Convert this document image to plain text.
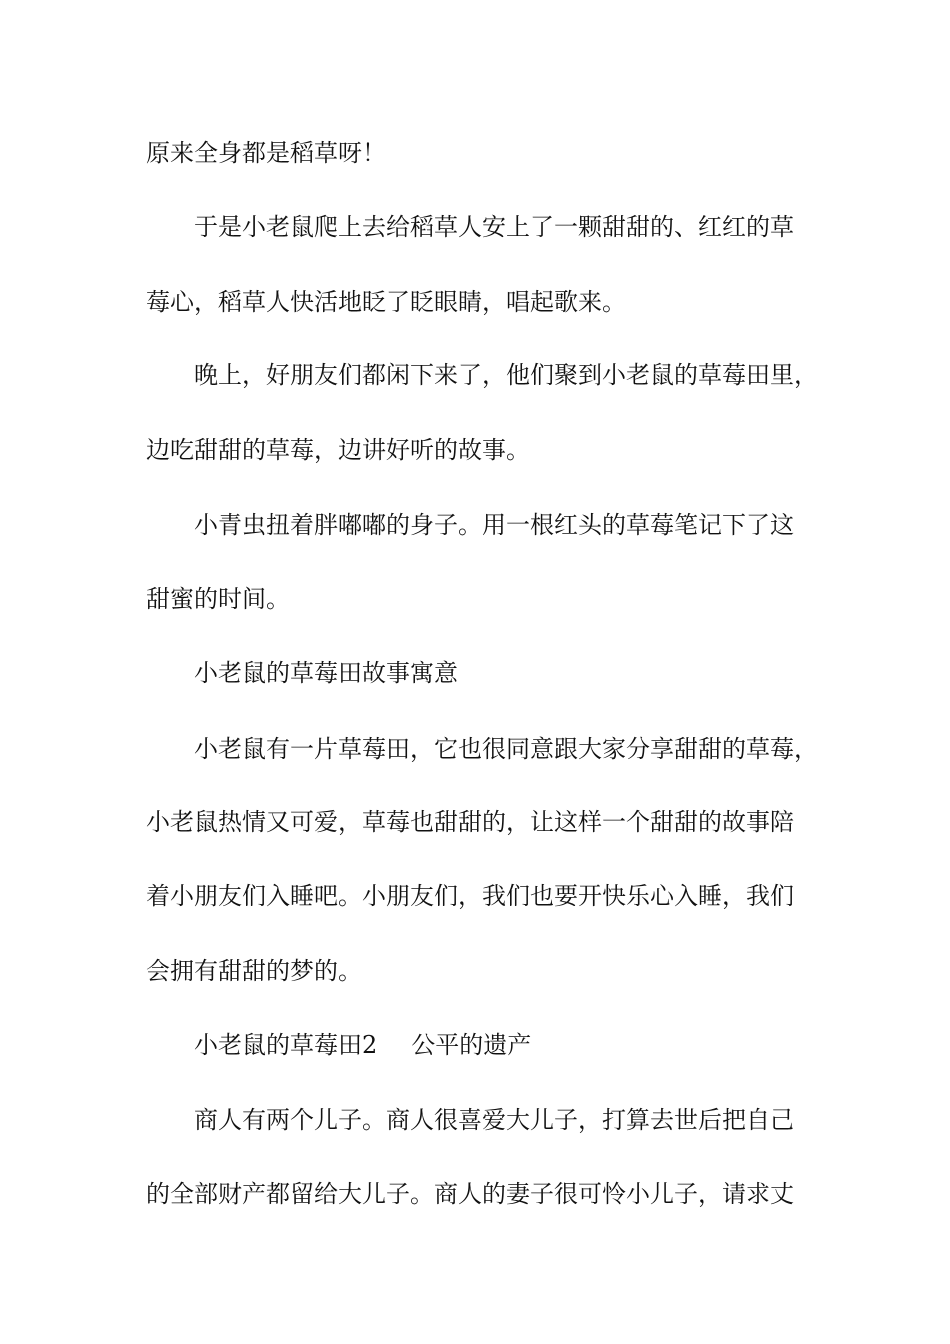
原来全身都是稻草呀！
于是小老鼠爬上去给稻草人安上了一颗甜甜的、红红的草
莓心，稻草人快活地眨了眨眼睛，唱起歌来。
晚上，好朋友们都闲下来了，他们聚到小老鼠的草莓田里，
边吃甜甜的草莓，边讲好听的故事。
小青虫扭着胖嘟嘟的身子。用一根红头的草莓笔记下了这
甜蜜的时间。
小老鼠的草莓田故事寓意
小老鼠有一片草莓田，它也很同意跟大家分享甜甜的草莓，
小老鼠热情又可爱，草莓也甜甜的，让这样一个甜甜的故事陪
着小朋友们入睡吧。小朋友们，我们也要开快乐心入睡，我们
会拥有甜甜的梦的。
小老鼠的草莓田2 公平的遗产
商人有两个儿子。商人很喜爱大儿子，打算去世后把自己
的全部财产都留给大儿子。商人的妻子很可怜小儿子，请求丈
